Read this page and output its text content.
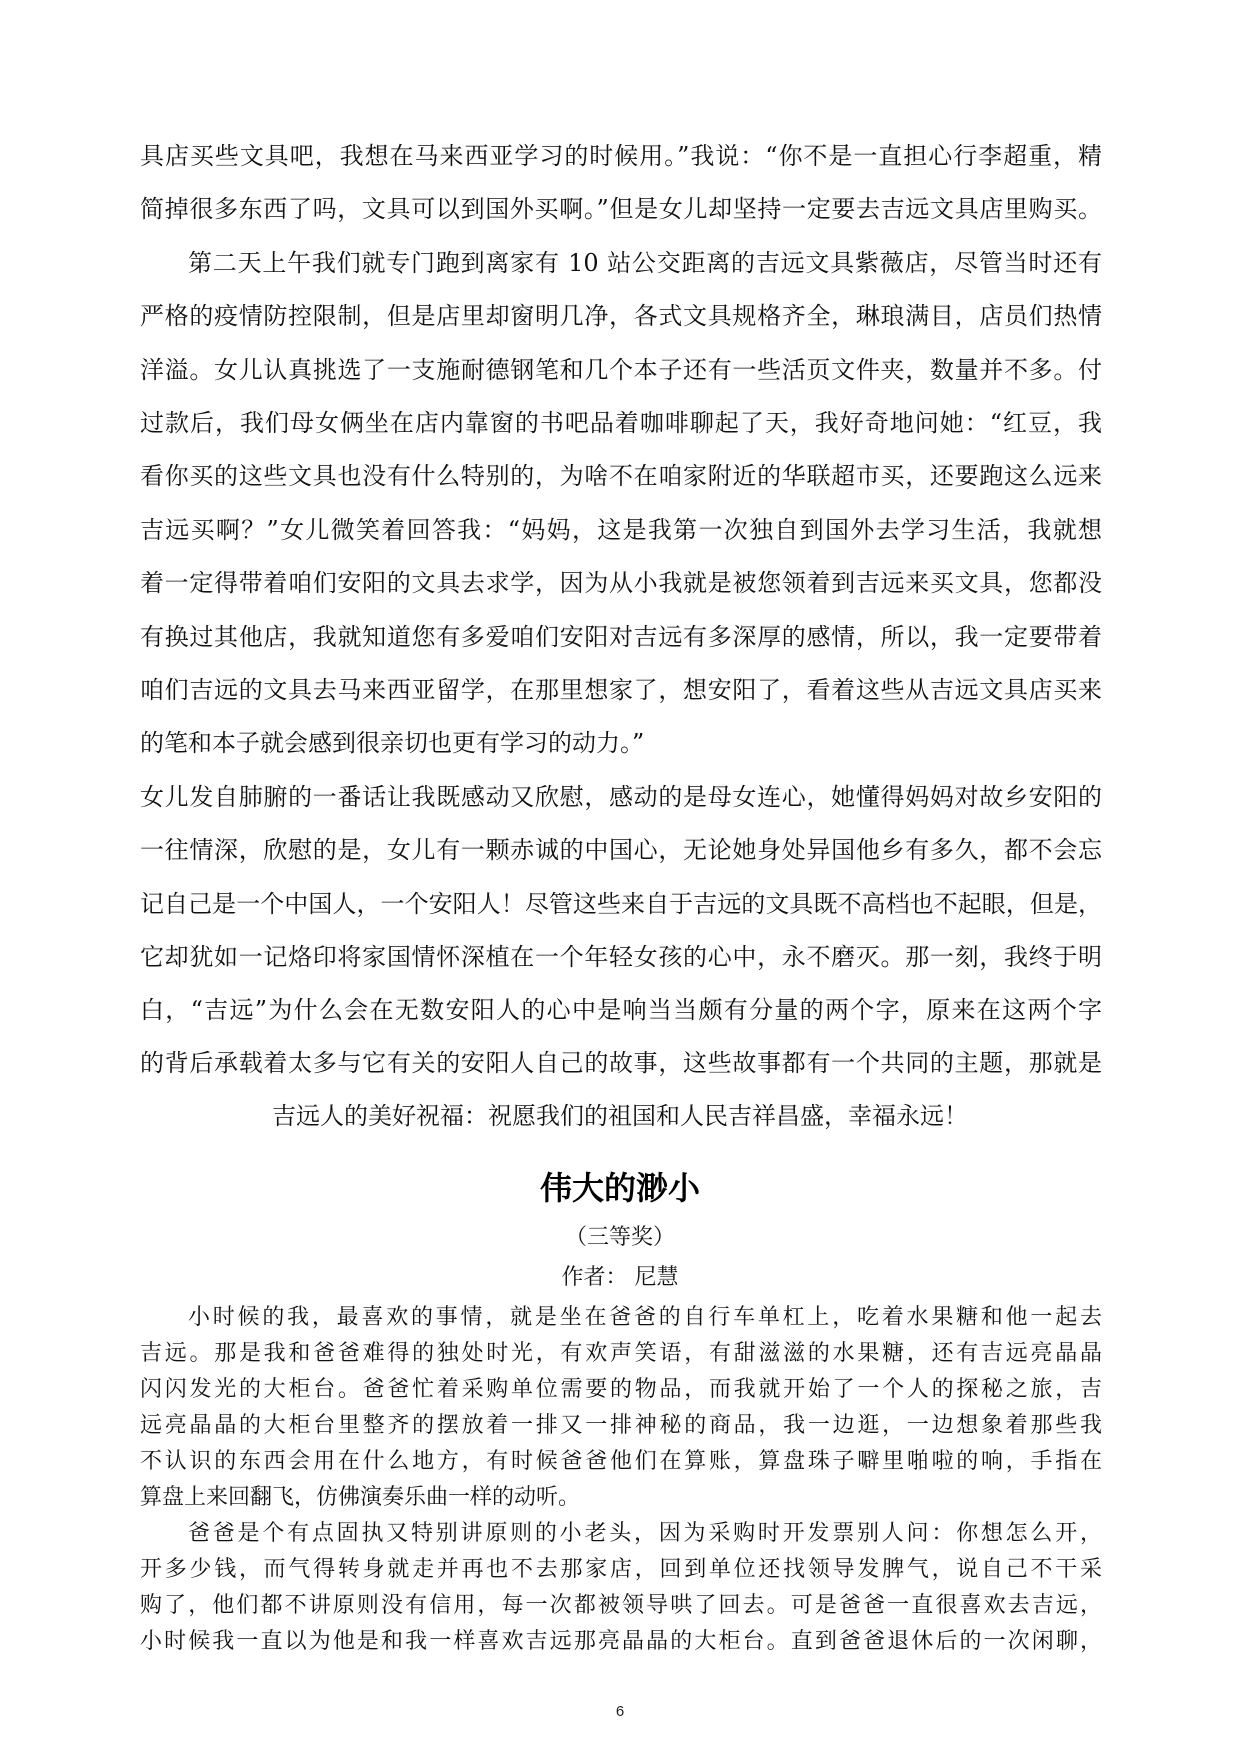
具店买些文具吧，我想在马来西亚学习的时候用。”我说：“你不是一直担心行李超重，精
简掉很多东西了吗，文具可以到国外买啊。”但是女儿却坚持一定要去吉远文具店里购买。
第二天上午我们就专门跑到离家有 10 站公交距离的吉远文具紫薇店，尽管当时还有
严格的疫情防控限制，但是店里却窗明几净，各式文具规格齐全，琳琅满目，店员们热情
洋溢。女儿认真挑选了一支施耐德钢笔和几个本子还有一些活页文件夹，数量并不多。付
过款后，我们母女俩坐在店内靠窗的书吧品着咖啡聊起了天，我好奇地问她：“红豆，我
看你买的这些文具也没有什么特别的，为啥不在咱家附近的华联超市买，还要跑这么远来
吉远买啊？”女儿微笑着回答我：“妈妈，这是我第一次独自到国外去学习生活，我就想
着一定得带着咱们安阳的文具去求学，因为从小我就是被您领着到吉远来买文具，您都没
有换过其他店，我就知道您有多爱咱们安阳对吉远有多深厚的感情，所以，我一定要带着
咱们吉远的文具去马来西亚留学，在那里想家了，想安阳了，看着这些从吉远文具店买来
的笔和本子就会感到很亲切也更有学习的动力。”
女儿发自肺腑的一番话让我既感动又欣慰，感动的是母女连心，她懂得妈妈对故乡安阳的
一往情深，欣慰的是，女儿有一颗赤诚的中国心，无论她身处异国他乡有多久，都不会忘
记自己是一个中国人，一个安阳人！尽管这些来自于吉远的文具既不高档也不起眼，但是，
它却犹如一记烙印将家国情怀深植在一个年轻女孩的心中，永不磨灭。那一刻，我终于明
白，“吉远”为什么会在无数安阳人的心中是响当当颇有分量的两个字，原来在这两个字
的背后承载着太多与它有关的安阳人自己的故事，这些故事都有一个共同的主题，那就是
吉远人的美好祝福：祝愿我们的祖国和人民吉祥昌盛，幸福永远！
伟大的渺小
（三等奖）
作者： 尼慧
小时候的我，最喜欢的事情，就是坐在爸爸的自行车单杠上，吃着水果糖和他一起去
吉远。那是我和爸爸难得的独处时光，有欢声笑语，有甜滋滋的水果糖，还有吉远亮晶晶
闪闪发光的大柜台。爸爸忙着采购单位需要的物品，而我就开始了一个人的探秘之旅，吉
远亮晶晶的大柜台里整齐的摆放着一排又一排神秘的商品，我一边逛，一边想象着那些我
不认识的东西会用在什么地方，有时候爸爸他们在算账，算盘珠子噼里啪啦的响，手指在
算盘上来回翻飞，仿佛演奏乐曲一样的动听。
爸爸是个有点固执又特别讲原则的小老头，因为采购时开发票别人问：你想怎么开，
开多少钱，而气得转身就走并再也不去那家店，回到单位还找领导发脾气，说自己不干采
购了，他们都不讲原则没有信用，每一次都被领导哄了回去。可是爸爸一直很喜欢去吉远，
小时候我一直以为他是和我一样喜欢吉远那亮晶晶的大柜台。直到爸爸退休后的一次闲聊，
6
